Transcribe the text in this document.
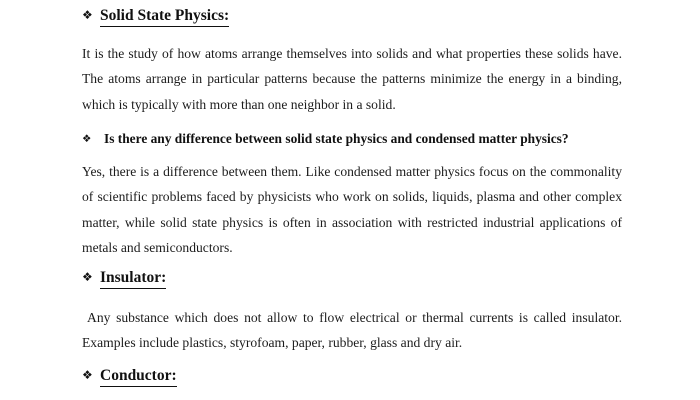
❖ Solid State Physics:

It is the study of how atoms arrange themselves into solids and what properties these solids have. The atoms arrange in particular patterns because the patterns minimize the energy in a binding, which is typically with more than one neighbor in a solid.

❖ Is there any difference between solid state physics and condensed matter physics?

Yes, there is a difference between them. Like condensed matter physics focus on the commonality of scientific problems faced by physicists who work on solids, liquids, plasma and other complex matter, while solid state physics is often in association with restricted industrial applications of metals and semiconductors.

❖ Insulator:

Any substance which does not allow to flow electrical or thermal currents is called insulator. Examples include plastics, styrofoam, paper, rubber, glass and dry air.

❖ Conductor:
